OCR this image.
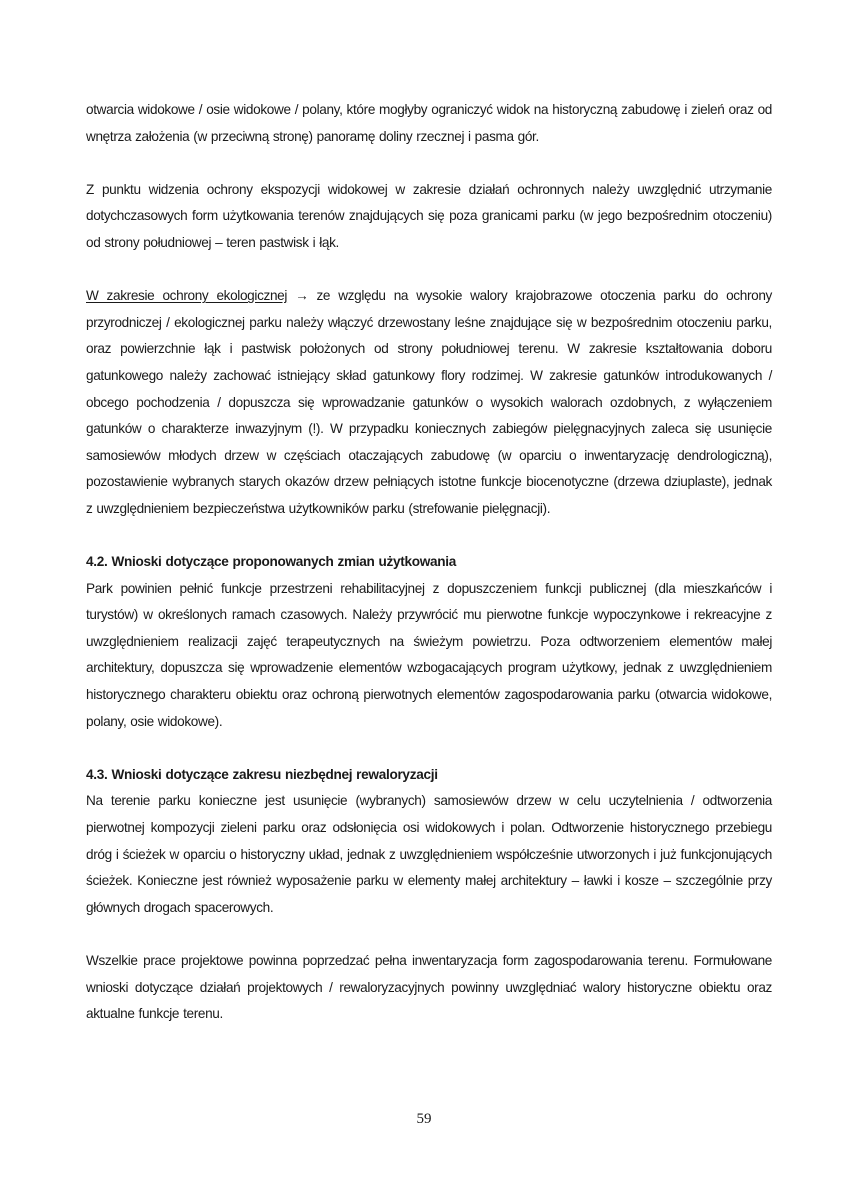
otwarcia widokowe / osie widokowe / polany, które mogłyby ograniczyć widok na historyczną zabudowę i zieleń oraz od wnętrza założenia (w przeciwną stronę) panoramę doliny rzecznej i pasma gór.

Z punktu widzenia ochrony ekspozycji widokowej w zakresie działań ochronnych należy uwzględnić utrzymanie dotychczasowych form użytkowania terenów znajdujących się poza granicami parku (w jego bezpośrednim otoczeniu) od strony południowej – teren pastwisk i łąk.

W zakresie ochrony ekologicznej → ze względu na wysokie walory krajobrazowe otoczenia parku do ochrony przyrodniczej / ekologicznej parku należy włączyć drzewostany leśne znajdujące się w bezpośrednim otoczeniu parku, oraz powierzchnie łąk i pastwisk położonych od strony południowej terenu. W zakresie kształtowania doboru gatunkowego należy zachować istniejący skład gatunkowy flory rodzimej. W zakresie gatunków introdukowanych / obcego pochodzenia / dopuszcza się wprowadzanie gatunków o wysokich walorach ozdobnych, z wyłączeniem gatunków o charakterze inwazyjnym (!). W przypadku koniecznych zabiegów pielęgnacyjnych zaleca się usunięcie samosiewów młodych drzew w częściach otaczających zabudowę (w oparciu o inwentaryzację dendrologiczną), pozostawienie wybranych starych okazów drzew pełniących istotne funkcje biocenotyczne (drzewa dziuplaste), jednak z uwzględnieniem bezpieczeństwa użytkowników parku (strefowanie pielęgnacji).

4.2. Wnioski dotyczące proponowanych zmian użytkowania

Park powinien pełnić funkcje przestrzeni rehabilitacyjnej z dopuszczeniem funkcji publicznej (dla mieszkańców i turystów) w określonych ramach czasowych. Należy przywrócić mu pierwotne funkcje wypoczynkowe i rekreacyjne z uwzględnieniem realizacji zajęć terapeutycznych na świeżym powietrzu. Poza odtworzeniem elementów małej architektury, dopuszcza się wprowadzenie elementów wzbogacających program użytkowy, jednak z uwzględnieniem historycznego charakteru obiektu oraz ochroną pierwotnych elementów zagospodarowania parku (otwarcia widokowe, polany, osie widokowe).

4.3. Wnioski dotyczące zakresu niezbędnej rewaloryzacji

Na terenie parku konieczne jest usunięcie (wybranych) samosiewów drzew w celu uczytelnienia / odtworzenia pierwotnej kompozycji zieleni parku oraz odsłonięcia osi widokowych i polan. Odtworzenie historycznego przebiegu dróg i ścieżek w oparciu o historyczny układ, jednak z uwzględnieniem współcześnie utworzonych i już funkcjonujących ścieżek. Konieczne jest również wyposażenie parku w elementy małej architektury – ławki i kosze – szczególnie przy głównych drogach spacerowych.

Wszelkie prace projektowe powinna poprzedzać pełna inwentaryzacja form zagospodarowania terenu. Formułowane wnioski dotyczące działań projektowych / rewaloryzacyjnych powinny uwzględniać walory historyczne obiektu oraz aktualne funkcje terenu.

59
